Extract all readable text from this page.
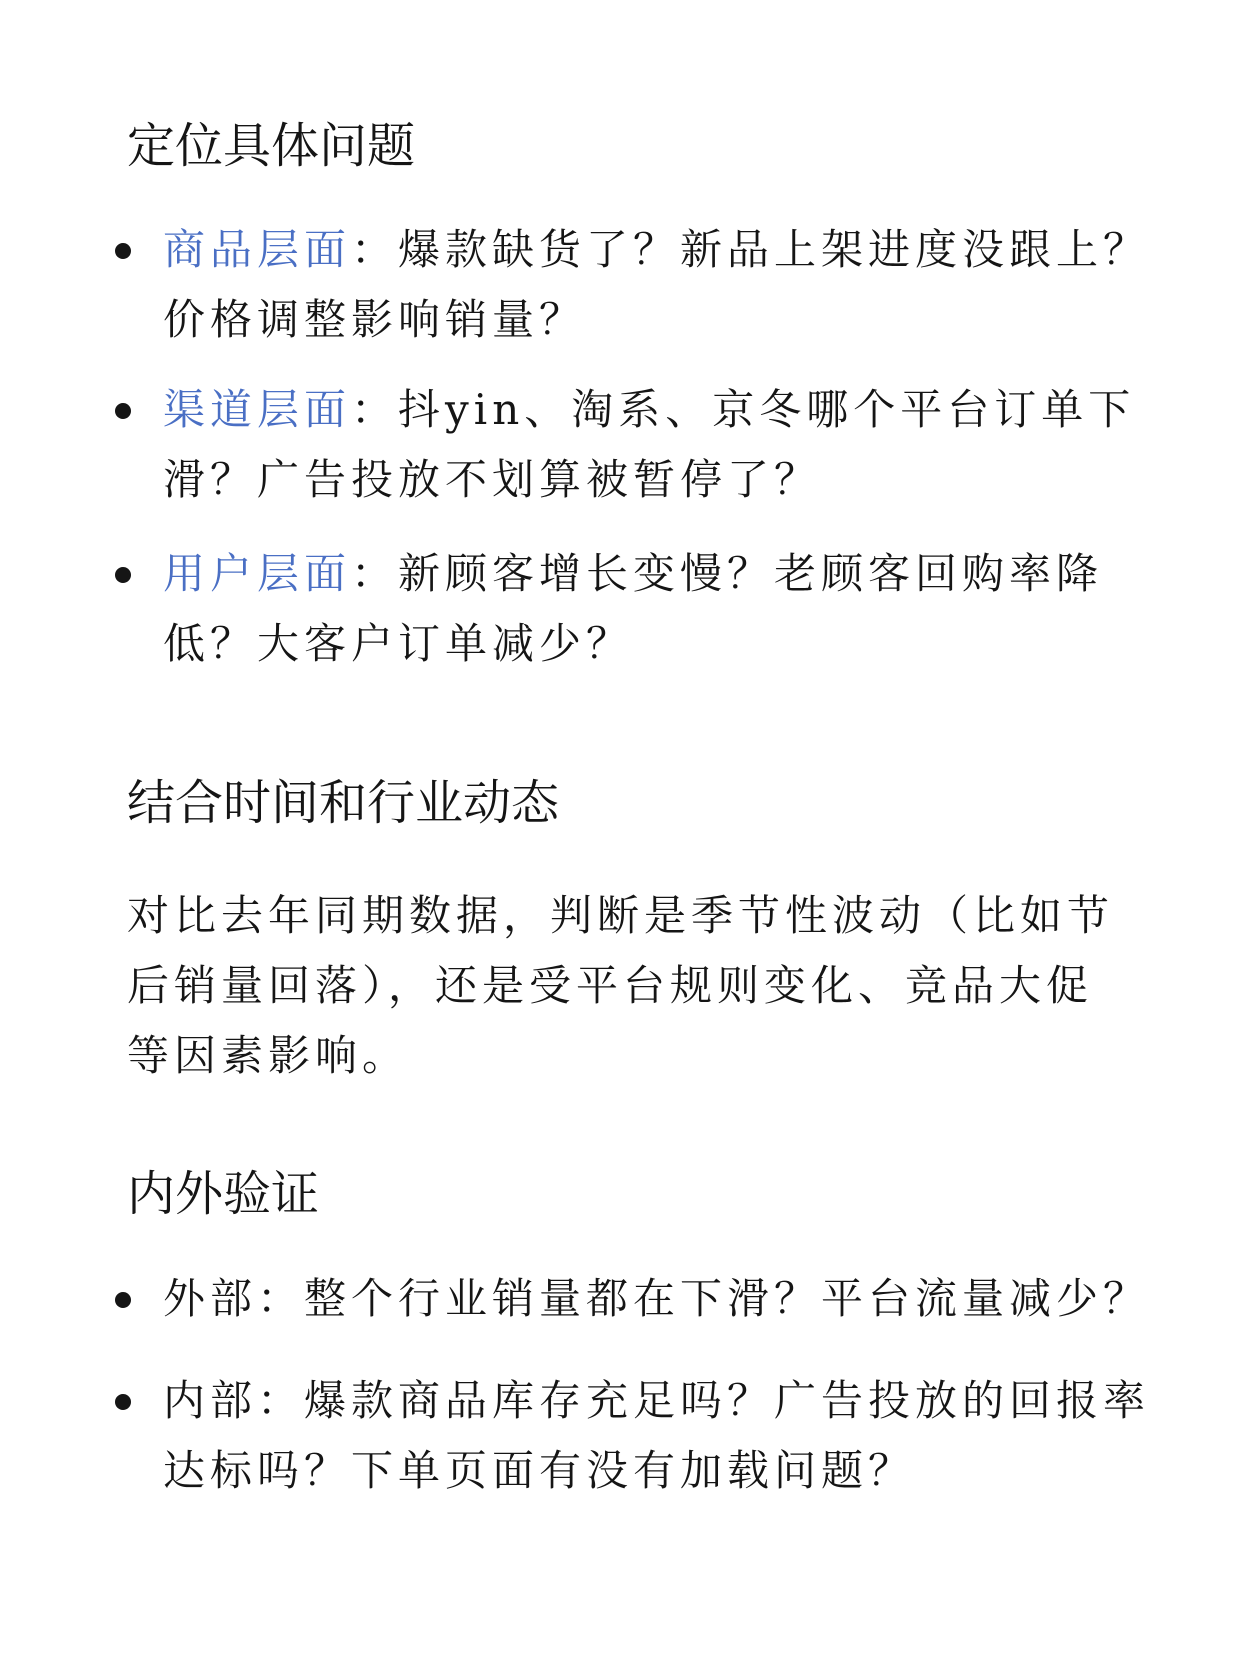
定位具体问题
商品层面：爆款缺货了？新品上架进度没跟上？价格调整影响销量？
渠道层面：抖yin、淘系、京冬哪个平台订单下滑？广告投放不划算被暂停了？
用户层面：新顾客增长变慢？老顾客回购率降低？大客户订单减少？
结合时间和行业动态

对比去年同期数据，判断是季节性波动（比如节后销量回落），还是受平台规则变化、竞品大促等因素影响。

内外验证
外部：整个行业销量都在下滑？平台流量减少？
内部：爆款商品库存充足吗？广告投放的回报率达标吗？下单页面有没有加载问题？
